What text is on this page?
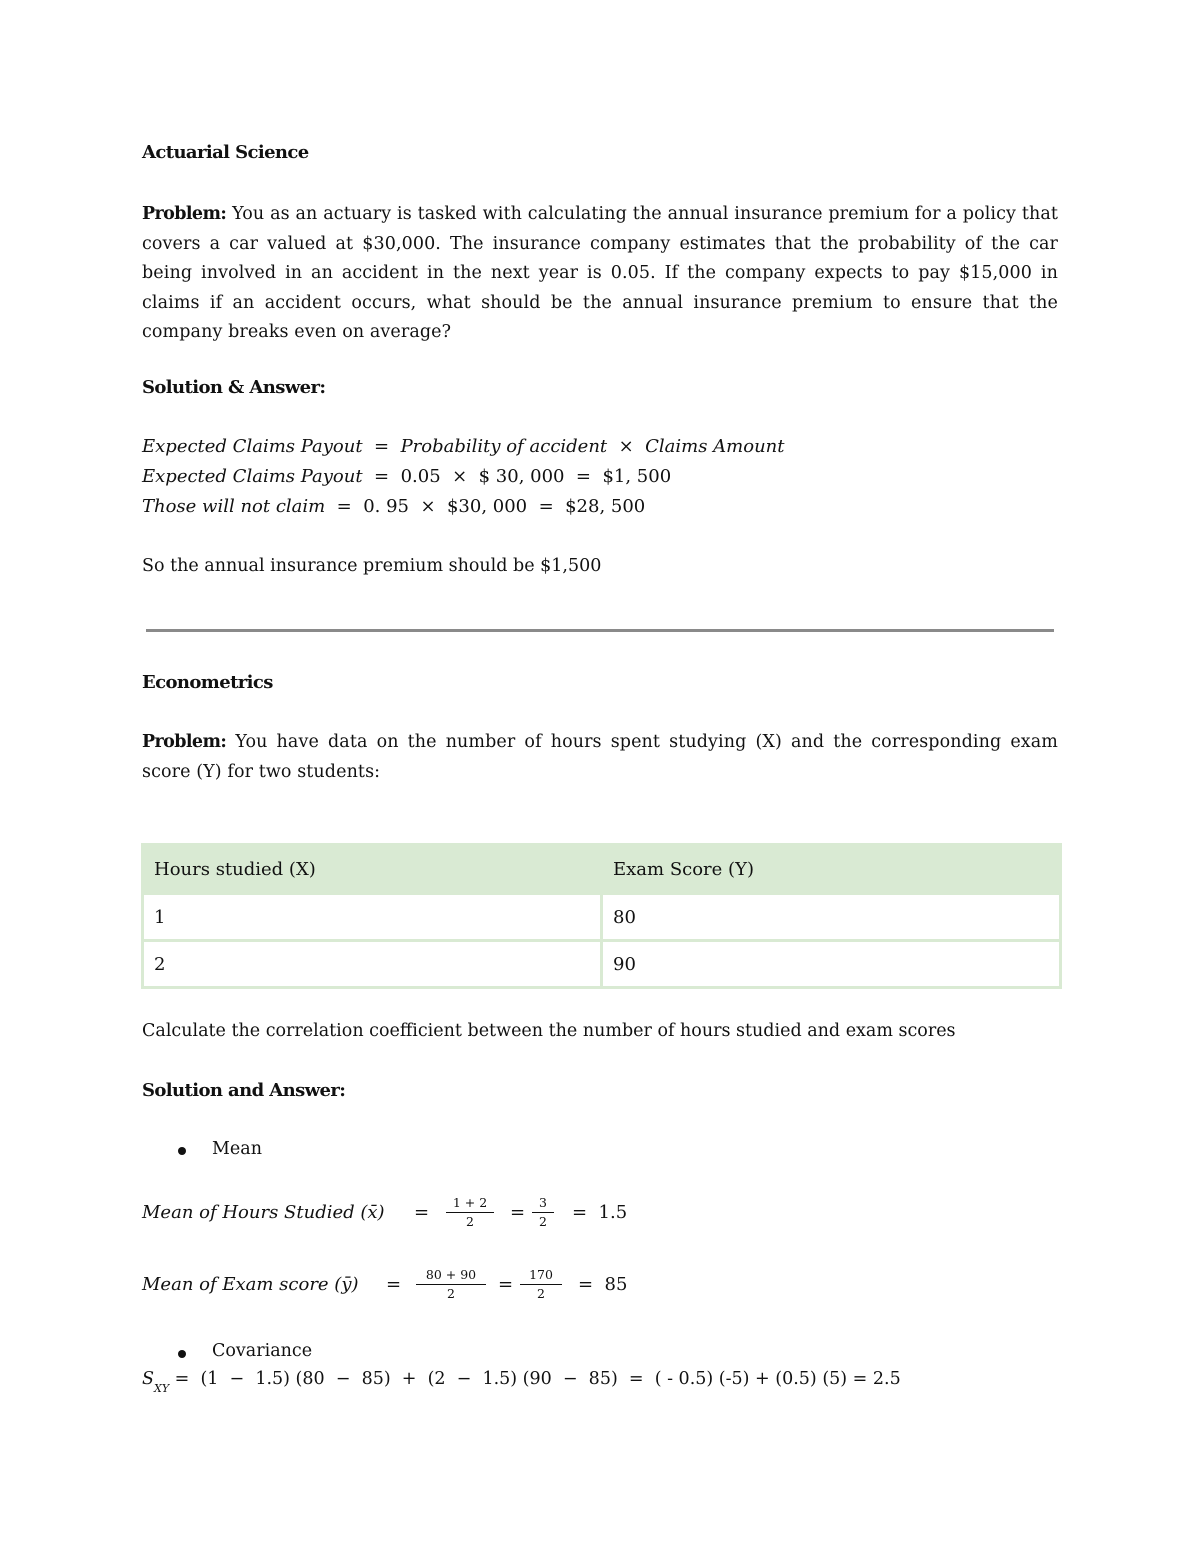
Actuarial Science
Problem: You as an actuary is tasked with calculating the annual insurance premium for a policy that covers a car valued at $30,000. The insurance company estimates that the probability of the car being involved in an accident in the next year is 0.05. If the company expects to pay $15,000 in claims if an accident occurs, what should be the annual insurance premium to ensure that the company breaks even on average?
Solution & Answer:
Expected Claims Payout  =  Probability of accident  ×  Claims Amount
Expected Claims Payout  =  0.05  ×  $ 30, 000  =  $1, 500
Those will not claim  =  0. 95  ×  $30, 000  =  $28, 500
So the annual insurance premium should be $1,500
Econometrics
Problem: You have data on the number of hours spent studying (X) and the corresponding exam score (Y) for two students:
Hours studied (X)	Exam Score (Y)
1	80
2	90
Calculate the correlation coefficient between the number of hours studied and exam scores
Solution and Answer:
Mean
Mean of Hours Studied (x̄) =	1 + 2
2	=	3
2	=  1.5
Mean of Exam score (ȳ) =	80 + 90
2	=	170
2	=  85
Covariance
$S_{XY} = (1 - 1.5) (80 - 85) + (2 - 1.5) (90 - 85)$  =  ( - 0.5) (-5) + (0.5) (5) = 2.5
